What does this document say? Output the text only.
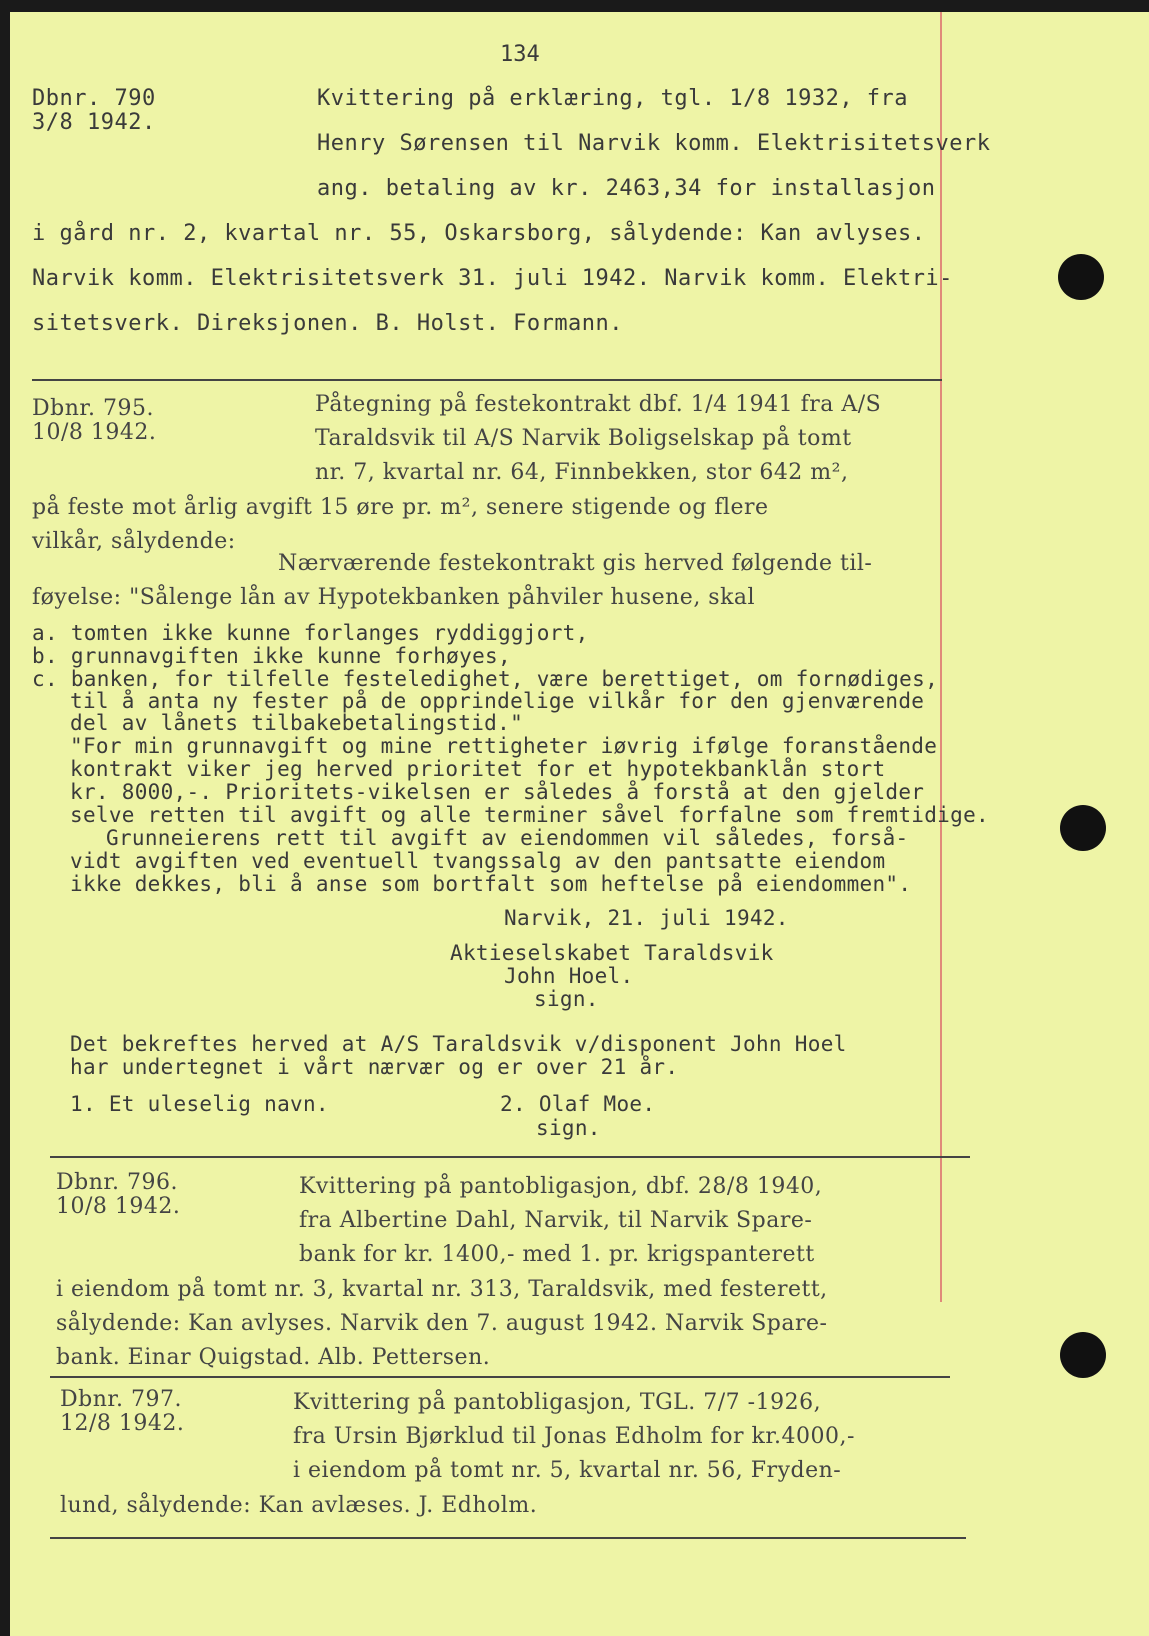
134
Dbnr. 790
3/8 1942.
Kvittering på erklæring, tgl. 1/8 1932, fra
Henry Sørensen til Narvik komm. Elektrisitetsverk
ang. betaling av kr. 2463,34 for installasjon
i gård nr. 2, kvartal nr. 55, Oskarsborg, sålydende: Kan avlyses.
Narvik komm. Elektrisitetsverk 31. juli 1942. Narvik komm. Elektri-
sitetsverk. Direksjonen. B. Holst. Formann.
Dbnr. 795.
10/8 1942.
Påtegning på festekontrakt dbf. 1/4 1941 fra A/S
Taraldsvik til A/S Narvik Boligselskap på tomt
nr. 7, kvartal nr. 64, Finnbekken, stor 642 m²,
på feste mot årlig avgift 15 øre pr. m², senere stigende og flere
vilkår, sålydende:
Nærværende festekontrakt gis herved følgende til-
føyelse: "Sålenge lån av Hypotekbanken påhviler husene, skal
a. tomten ikke kunne forlanges ryddiggjort,
b. grunnavgiften ikke kunne forhøyes,
c. banken, for tilfelle festeledighet, være berettiget, om fornødiges,
til å anta ny fester på de opprindelige vilkår for den gjenværende
del av lånets tilbakebetalingstid."
"For min grunnavgift og mine rettigheter iøvrig ifølge foranstående
kontrakt viker jeg herved prioritet for et hypotekbanklån stort
kr. 8000,-. Prioritets-vikelsen er således å forstå at den gjelder
selve retten til avgift og alle terminer såvel forfalne som fremtidige.
Grunneierens rett til avgift av eiendommen vil således, forså-
vidt avgiften ved eventuell tvangssalg av den pantsatte eiendom
ikke dekkes, bli å anse som bortfalt som heftelse på eiendommen".
Narvik, 21. juli 1942.
Aktieselskabet Taraldsvik
John Hoel.
sign.
Det bekreftes herved at A/S Taraldsvik v/disponent John Hoel
har undertegnet i vårt nærvær og er over 21 år.
1. Et uleselig navn.	2. Olaf Moe.
sign.
Dbnr. 796.
10/8 1942.
Kvittering på pantobligasjon, dbf. 28/8 1940,
fra Albertine Dahl, Narvik, til Narvik Spare-
bank for kr. 1400,- med 1. pr. krigspanterett
i eiendom på tomt nr. 3, kvartal nr. 313, Taraldsvik, med festerett,
sålydende: Kan avlyses. Narvik den 7. august 1942. Narvik Spare-
bank. Einar Quigstad. Alb. Pettersen.
Dbnr. 797.
12/8 1942.
Kvittering på pantobligasjon, TGL. 7/7 -1926,
fra Ursin Bjørklud til Jonas Edholm for kr.4000,-
i eiendom på tomt nr. 5, kvartal nr. 56, Fryden-
lund, sålydende: Kan avlæses. J. Edholm.
